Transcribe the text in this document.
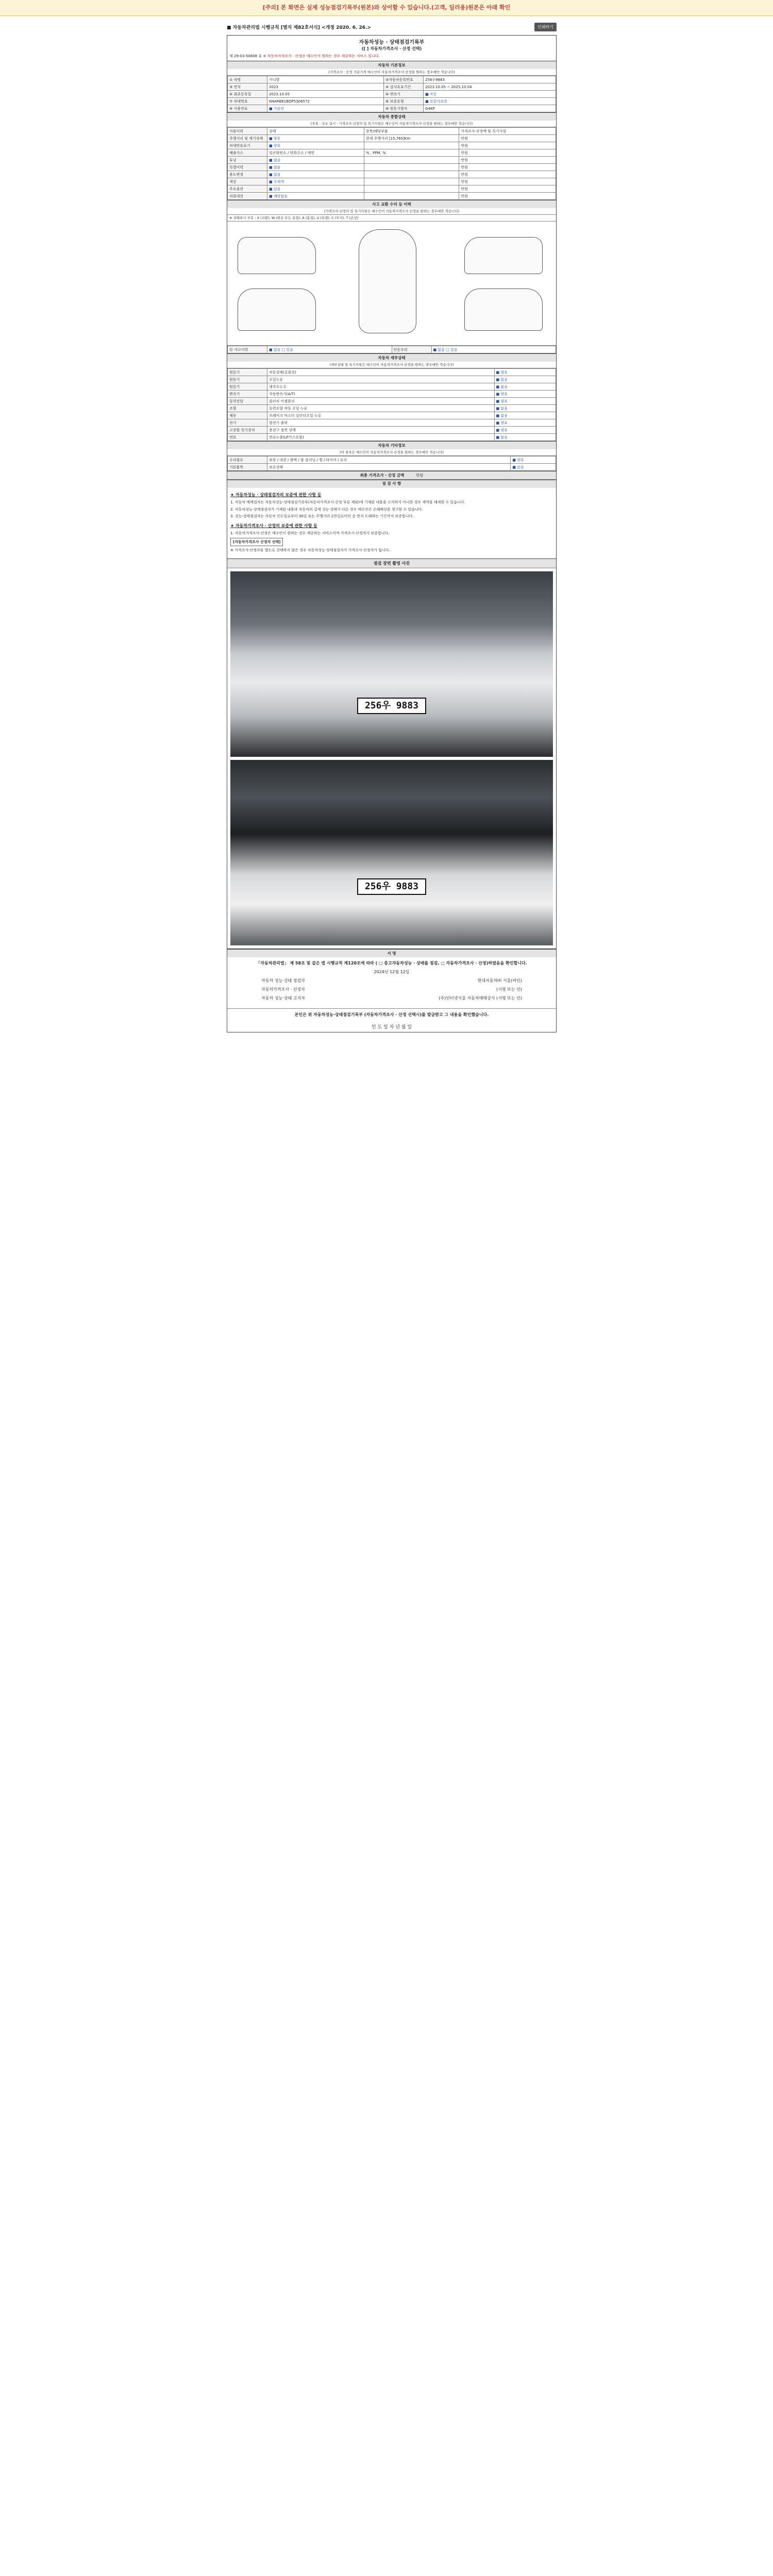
[주의] 본 화면은 실제 성능점검기록부(원본)와 상이할 수 있습니다.(고객, 딜러용)원본은 아래 확인
■ 자동차관리법 시행규칙 [별지 제82호서식] <개정 2020. 6. 26.>	인쇄하기
자동차성능 · 상태점검기록부
([ ] 자동차가격조사 · 산정 선택)
제 29-03-50808 호 ※ 자동차가격조사 · 산정은 매수인이 원하는 경우 제공하는 서비스 입니다.
자동차 기본정보
(가격조사 · 산정 기준가격 매수인이 자동차가격조사·산정을 원하는 경우에만 적습니다)
① 차명	카니발	②자동차등록번호	256우9883
③ 연식	2023	④ 검사유효기간	2023.10.05 ~ 2025.10.04
⑤ 최초등록일	2023.10.05	⑥ 변속기	■ 자동
⑦ 차대번호	KNARB81BDP5306572	⑧ 보증유형	■ 보험사보증
⑨ 사용연료	■ 가솔린	⑩ 원동기형식	G4KP
자동차 종합상태
(주요 · 국소 실시 · 가격조사·산정의 및 특기사항은 매수인이 자동차가격조사·산정을 원하는 경우에만 적습니다)
사용이력	상태	항목/해당부품	가격조사·산정액 및 특기사항
주행거리 및 계기상태	■ 양호	현재 주행거리 [15,765]Km	만원
차대번호표기	■ 양호		만원
배출가스	일산화탄소 / 탄화수소 / 매연	% , PPM, %	만원
튜닝	■ 없음		만원
특별이력	■ 없음		만원
용도변경	■ 없음		만원
색상	■ 무채색		만원
주요옵션	■ 있음		만원
리콜대상	■ 해당없음		만원
사고 교환 수리 등 이력
(가격조사·산정의 및 특기사항은 매수인이 자동차가격조사·산정을 원하는 경우에만 적습니다)
※ 상태표시 부호 : X (교환), W (판금 또는 용접), A (흠집), U (요철), C (부식), T (손상)
⑪ 사고이력	■ 없음 □ 있음	단순수리	■ 없음 □ 있음
자동차 세부상태
(세부상태 및 특기사항은 매수인이 자동차가격조사·산정을 원하는 경우에만 적습니다)
원동기	작동상태(공회전)	■ 양호
원동기	오일누유	■ 없음
원동기	냉각수누수	■ 없음
변속기	자동변속기(A/T)	■ 양호
동력전달	클러치 어셈블리	■ 양호
조향	동력조향 작동 오일 누유	■ 없음
제동	브레이크 마스터 실린더오일 누유	■ 없음
전기	발전기 출력	■ 양호
고전원 전기장치	충전구 절연 상태	■ 양호
연료	연료누출(LP가스포함)	■ 없음
자동차 기타정보
(이 항목은 매수인이 자동차가격조사·산정을 원하는 경우에만 적습니다)
수리필요	외장 / 내장 / 광택 / 룸 클리닝 / 휠 / 타이어 / 유리	■ 양호
기본품목	보유상태	■ 있음
최종 가격조사 · 산정 금액	만원
점 검 사 항
★ 자동차성능 · 상태점검자의 보증에 관한 사항 등

1. 자동차 매매업자는 자동차성능·상태점검기록부(자동차가격조사·산정 부분 제외)에 기재된 내용을 고지하지 아니한 경우 계약을 해제할 수 있습니다.

2. 자동차성능·상태점검자가 기재된 내용과 자동차의 실제 성능·상태가 다른 경우 매수인은 손해배상을 청구할 수 있습니다.

3. 성능·상태점검자는 자동차 인도일로부터 30일 또는 주행거리 2천킬로미터 중 먼저 도래하는 기간까지 보증합니다.

★ 자동차가격조사 · 산정의 보증에 관한 사항 등

1. 자동차가격조사·산정은 매수인이 원하는 경우 제공하는 서비스이며 가격조사·산정자가 보증합니다.

[자동차가격조사 산정자 선택]

※ 가격조사·산정자를 별도로 선택하지 않은 경우 자동차성능·상태점검자가 가격조사·산정자가 됩니다.

점검 장면 촬영 사진
256우 9883
256우 9883
서 명
「자동차관리법」 제 58조 및 같은 법 시행규칙 제120조에 따라 ( □ 중고자동차성능 · 상태를 점검, □ 자동차가격조사 · 산정)하였음을 확인합니다.
2024년 12월 12일
자동차 성능·상태 점검자	현대자동차㈜ 서울(싸인)
자동차가격조사 · 산정자	(서명 또는 인)
자동차 성능·상태 고지자	(주)인터넷서울 자동차매매상사 (서명 또는 인)
본인은 위 자동차성능·상태점검기록부 (자동차가격조사 · 산정 선택시)를 발급받고 그 내용을 확인했습니다.
인 도 일 자 년 월 일
